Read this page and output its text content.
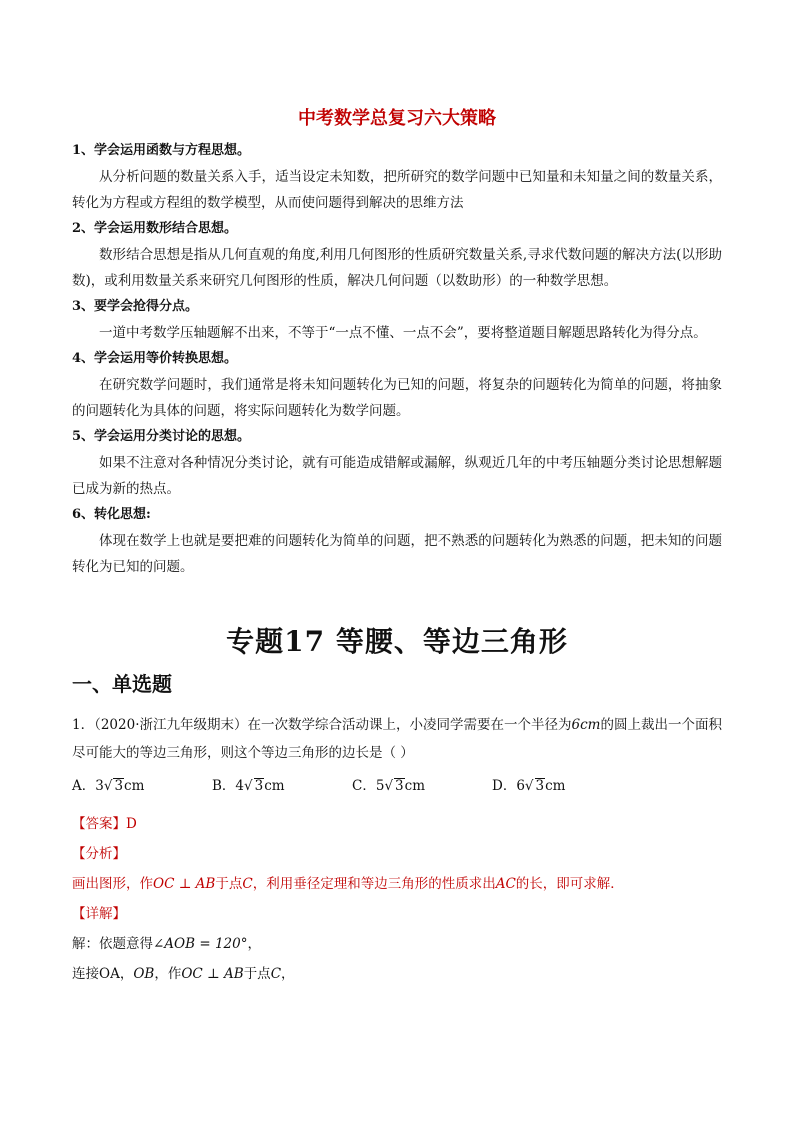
中考数学总复习六大策略

1、学会运用函数与方程思想。

从分析问题的数量关系入手，适当设定未知数，把所研究的数学问题中已知量和未知量之间的数量关系，转化为方程或方程组的数学模型，从而使问题得到解决的思维方法

2、学会运用数形结合思想。

数形结合思想是指从几何直观的角度,利用几何图形的性质研究数量关系,寻求代数问题的解决方法(以形助数)，或利用数量关系来研究几何图形的性质，解决几何问题（以数助形）的一种数学思想。

3、要学会抢得分点。

一道中考数学压轴题解不出来，不等于“一点不懂、一点不会”，要将整道题目解题思路转化为得分点。

4、学会运用等价转换思想。

在研究数学问题时，我们通常是将未知问题转化为已知的问题，将复杂的问题转化为简单的问题，将抽象的问题转化为具体的问题，将实际问题转化为数学问题。

5、学会运用分类讨论的思想。

如果不注意对各种情况分类讨论，就有可能造成错解或漏解，纵观近几年的中考压轴题分类讨论思想解题已成为新的热点。

6、转化思想:

体现在数学上也就是要把难的问题转化为简单的问题，把不熟悉的问题转化为熟悉的问题，把未知的问题转化为已知的问题。

专题17 等腰、等边三角形
一、单选题

1．（2020·浙江九年级期末）在一次数学综合活动课上，小凌同学需要在一个半径为6cm的圆上裁出一个面积尽可能大的等边三角形，则这个等边三角形的边长是（ ）

A．3√ 3cm	B．4√ 3cm	C．5√ 3cm	D．6√ 3cm

【答案】D

【分析】

画出图形，作OC ⊥ AB于点C，利用垂径定理和等边三角形的性质求出AC的长，即可求解．

【详解】

解：依题意得∠AOB = 120°，

连接OA，OB，作OC ⊥ AB于点C，
